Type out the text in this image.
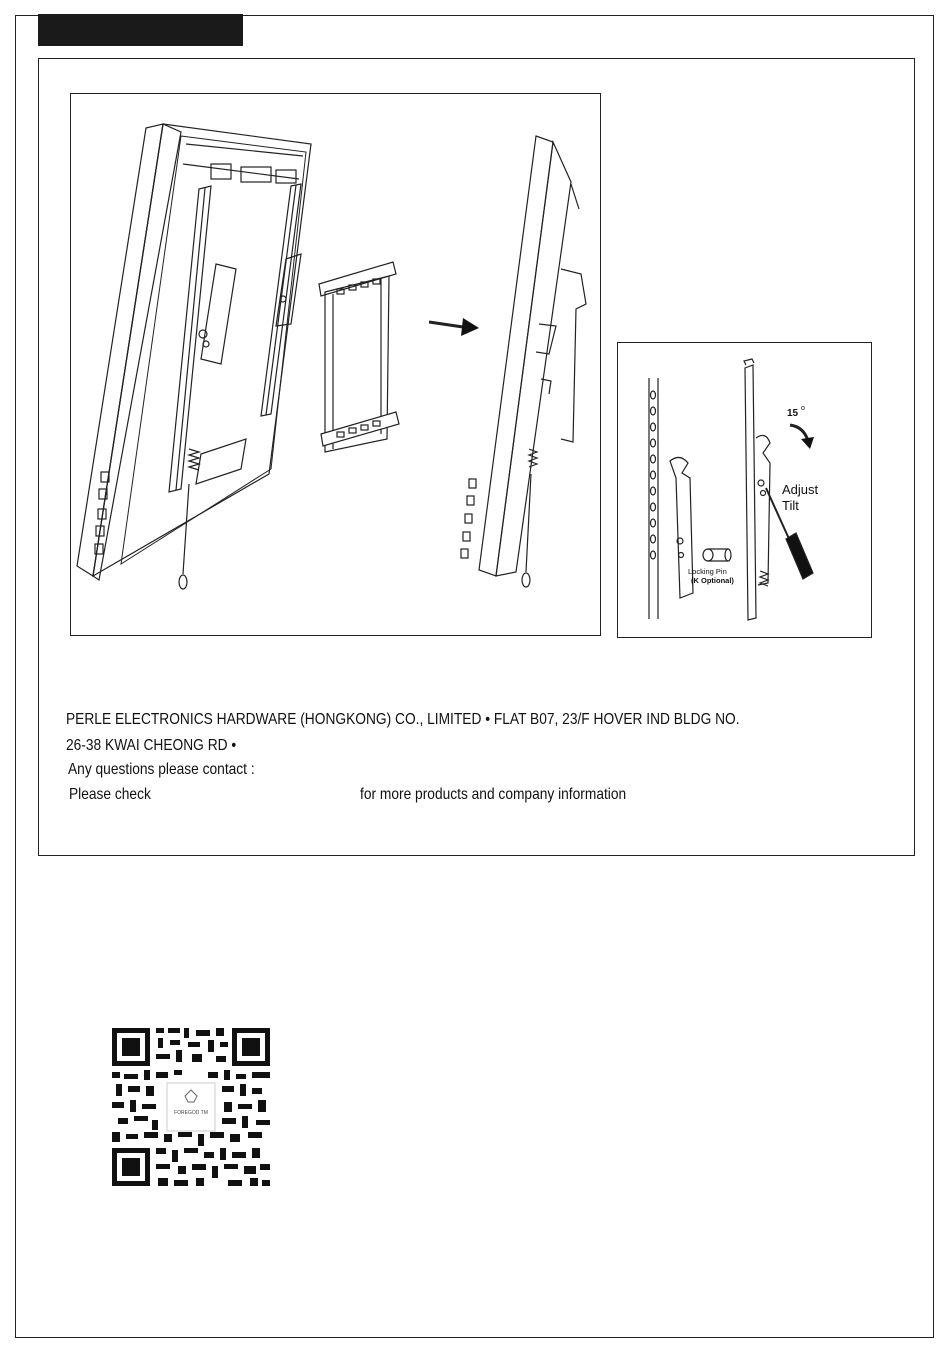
15 o
Adjust
Tilt
Locking Pin
(K Optional)
PERLE ELECTRONICS HARDWARE (HONGKONG) CO., LIMITED • FLAT B07, 23/F HOVER IND BLDG NO.
26-38 KWAI CHEONG RD •
Any questions please contact :
Please check	for more products and company information
FOREGOD TM
